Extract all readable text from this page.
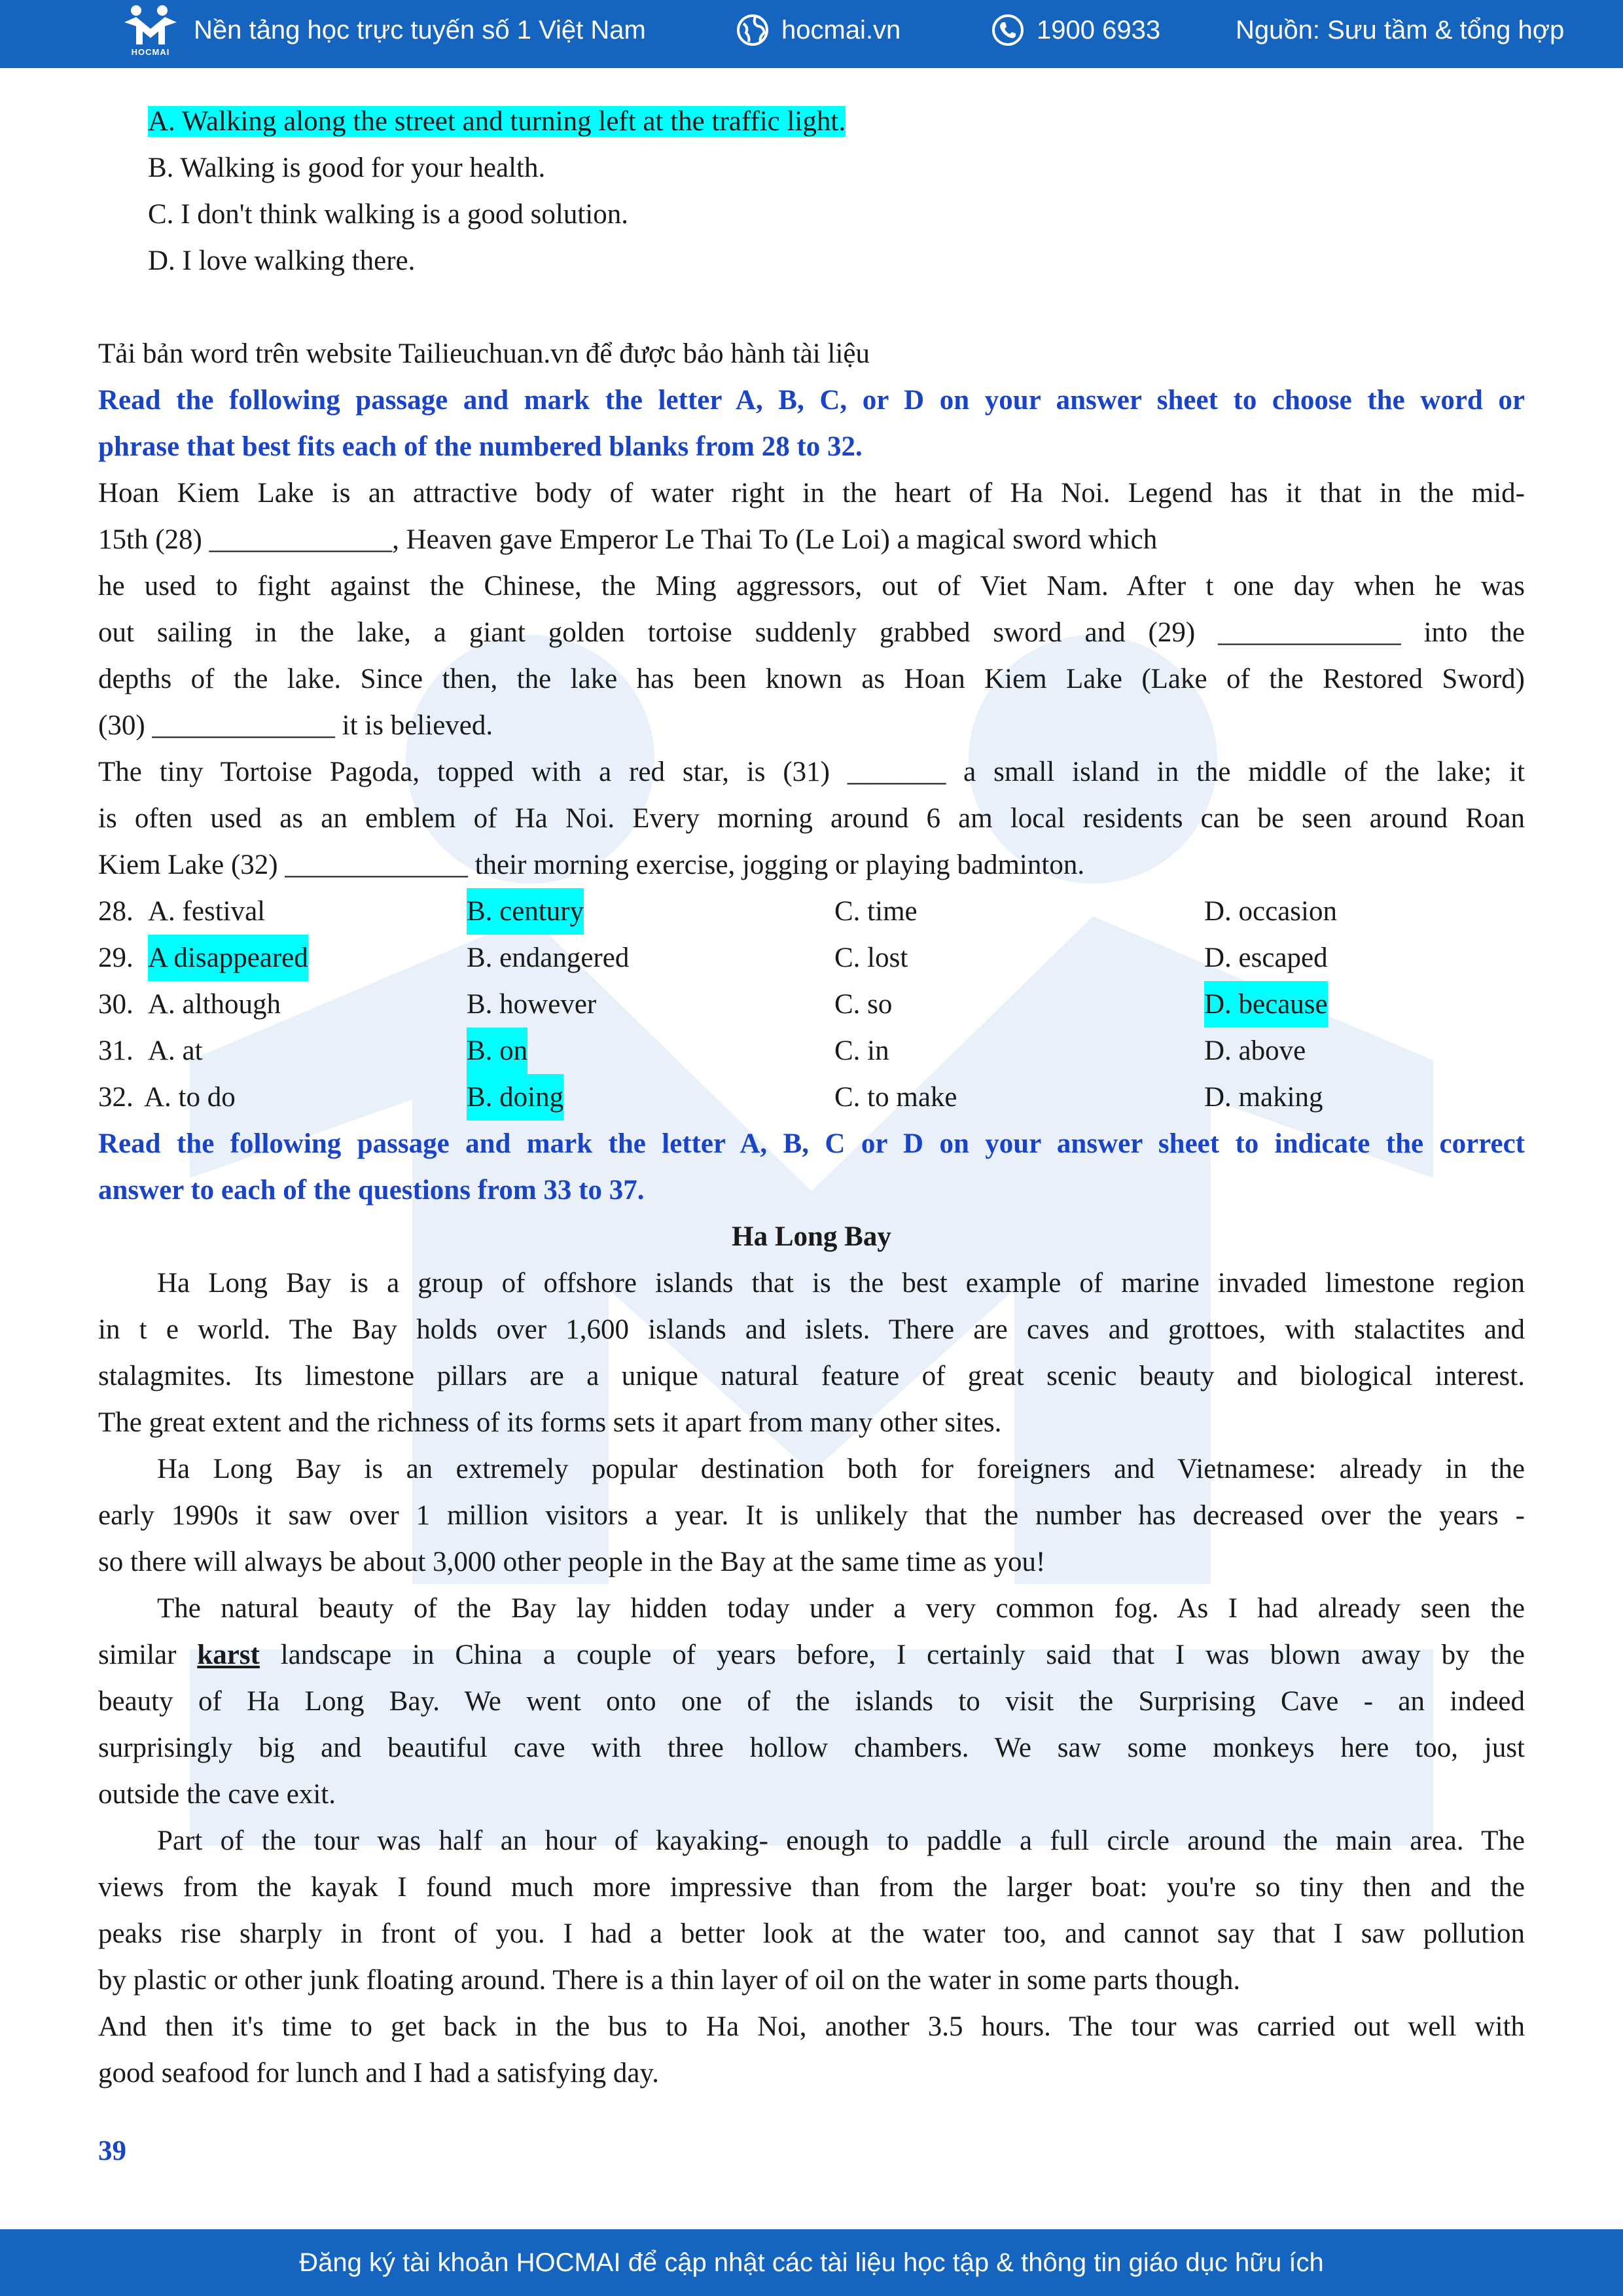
HOCMAI
Nền tảng học trực tuyến số 1 Việt Nam	hocmai.vn	1900 6933	Nguồn: Sưu tầm & tổng hợp
A. Walking along the street and turning left at the traffic light.
B. Walking is good for your health.
C. I don't think walking is a good solution.
D. I love walking there.
Tải bản word trên website Tailieuchuan.vn để được bảo hành tài liệu
Read the following passage and mark the letter A, B, C, or D on your answer sheet to choose the word or
phrase that best fits each of the numbered blanks from 28 to 32.
Hoan Kiem Lake is an attractive body of water right in the heart of Ha Noi. Legend has it that in the mid-
15th (28) _____________, Heaven gave Emperor Le Thai To (Le Loi) a magical sword which
he used to fight against the Chinese, the Ming aggressors, out of Viet Nam. After t one day when he was
out sailing in the lake, a giant golden tortoise suddenly grabbed sword and (29) _____________ into the
depths of the lake. Since then, the lake has been known as Hoan Kiem Lake (Lake of the Restored Sword)
(30) _____________ it is believed.
The tiny Tortoise Pagoda, topped with a red star, is (31) _______ a small island in the middle of the lake; it
is often used as an emblem of Ha Noi. Every morning around 6 am local residents can be seen around Roan
Kiem Lake (32) _____________ their morning exercise, jogging or playing badminton.
28. A. festival	B. century	C. time	D. occasion
29. A disappeared	B. endangered	C. lost	D. escaped
30. A. although	B. however	C. so	D. because
31. A. at	B. on	C. in	D. above
32. A. to do	B. doing	C. to make	D. making
Read the following passage and mark the letter A, B, C or D on your answer sheet to indicate the correct
answer to each of the questions from 33 to 37.
Ha Long Bay
Ha Long Bay is a group of offshore islands that is the best example of marine invaded limestone region
in t e world. The Bay holds over 1,600 islands and islets. There are caves and grottoes, with stalactites and
stalagmites. Its limestone pillars are a unique natural feature of great scenic beauty and biological interest.
The great extent and the richness of its forms sets it apart from many other sites.
Ha Long Bay is an extremely popular destination both for foreigners and Vietnamese: already in the
early 1990s it saw over 1 million visitors a year. It is unlikely that the number has decreased over the years -
so there will always be about 3,000 other people in the Bay at the same time as you!
The natural beauty of the Bay lay hidden today under a very common fog. As I had already seen the
similar karst landscape in China a couple of years before, I certainly said that I was blown away by the
beauty of Ha Long Bay. We went onto one of the islands to visit the Surprising Cave - an indeed
surprisingly big and beautiful cave with three hollow chambers. We saw some monkeys here too, just
outside the cave exit.
Part of the tour was half an hour of kayaking- enough to paddle a full circle around the main area. The
views from the kayak I found much more impressive than from the larger boat: you're so tiny then and the
peaks rise sharply in front of you. I had a better look at the water too, and cannot say that I saw pollution
by plastic or other junk floating around. There is a thin layer of oil on the water in some parts though.
And then it's time to get back in the bus to Ha Noi, another 3.5 hours. The tour was carried out well with
good seafood for lunch and I had a satisfying day.
39
Đăng ký tài khoản HOCMAI để cập nhật các tài liệu học tập & thông tin giáo dục hữu ích
